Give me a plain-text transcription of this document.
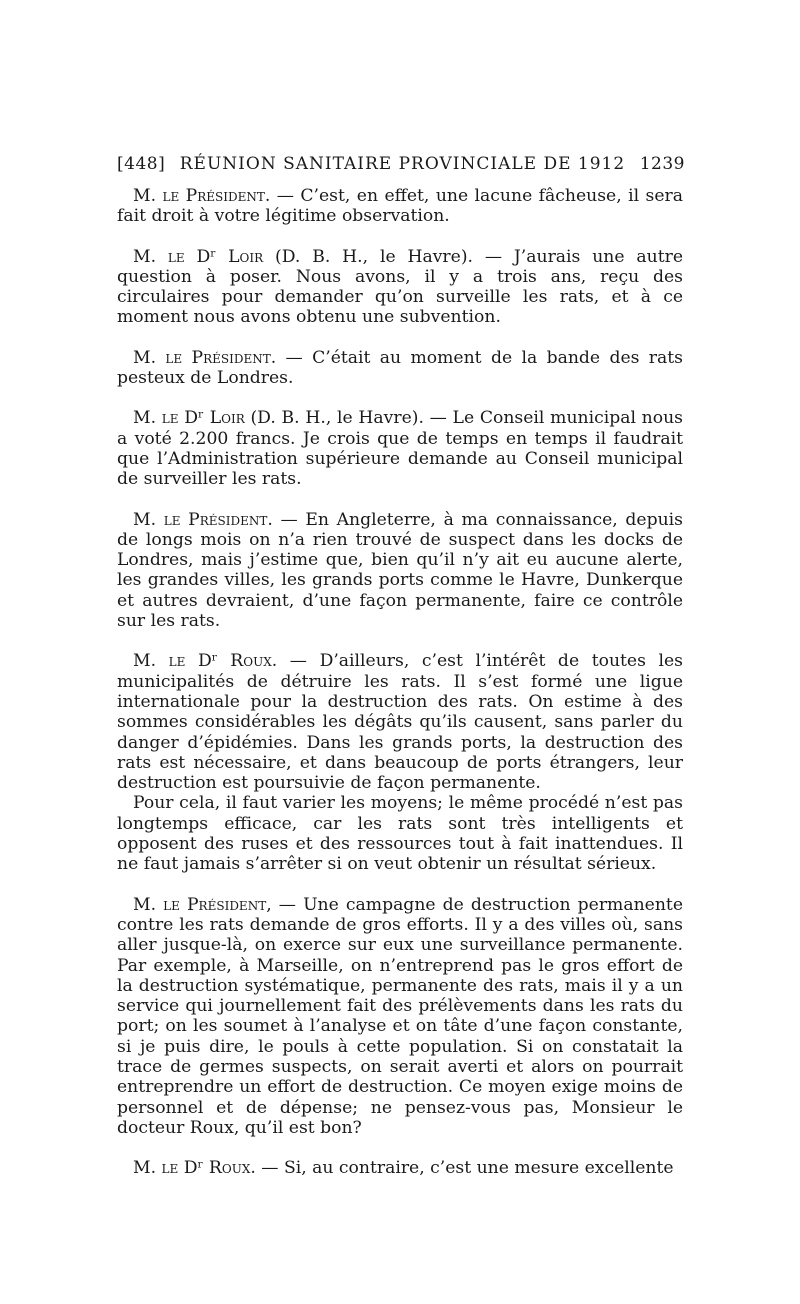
[448] RÉUNION SANITAIRE PROVINCIALE DE 1912 1239

M. le Président. — C’est, en effet, une lacune fâcheuse, il sera fait droit à votre légitime observation.

M. le Dʳ Loir (D. B. H., le Havre). — J’aurais une autre question à poser. Nous avons, il y a trois ans, reçu des circulaires pour demander qu’on surveille les rats, et à ce moment nous avons obtenu une subvention.

M. le Président. — C’était au moment de la bande des rats pesteux de Londres.

M. le Dʳ Loir (D. B. H., le Havre). — Le Conseil municipal nous a voté 2.200 francs. Je crois que de temps en temps il faudrait que l’Administration supérieure demande au Conseil municipal de surveiller les rats.

M. le Président. — En Angleterre, à ma connaissance, depuis de longs mois on n’a rien trouvé de suspect dans les docks de Londres, mais j’estime que, bien qu’il n’y ait eu aucune alerte, les grandes villes, les grands ports comme le Havre, Dunkerque et autres devraient, d’une façon permanente, faire ce contrôle sur les rats.

M. le Dʳ Roux. — D’ailleurs, c’est l’intérêt de toutes les municipalités de détruire les rats. Il s’est formé une ligue internationale pour la destruction des rats. On estime à des sommes considérables les dégâts qu’ils causent, sans parler du danger d’épidémies. Dans les grands ports, la destruction des rats est nécessaire, et dans beaucoup de ports étrangers, leur destruction est poursuivie de façon permanente.

Pour cela, il faut varier les moyens; le même procédé n’est pas longtemps efficace, car les rats sont très intelligents et opposent des ruses et des ressources tout à fait inattendues. Il ne faut jamais s’arrêter si on veut obtenir un résultat sérieux.

M. le Président, — Une campagne de destruction permanente contre les rats demande de gros efforts. Il y a des villes où, sans aller jusque-là, on exerce sur eux une surveillance permanente. Par exemple, à Marseille, on n’entreprend pas le gros effort de la destruction systématique, permanente des rats, mais il y a un service qui journellement fait des prélèvements dans les rats du port; on les soumet à l’analyse et on tâte d’une façon constante, si je puis dire, le pouls à cette population. Si on constatait la trace de germes suspects, on serait averti et alors on pourrait entreprendre un effort de destruction. Ce moyen exige moins de personnel et de dépense; ne pensez-vous pas, Monsieur le docteur Roux, qu’il est bon?

M. le Dʳ Roux. — Si, au contraire, c’est une mesure excellente
